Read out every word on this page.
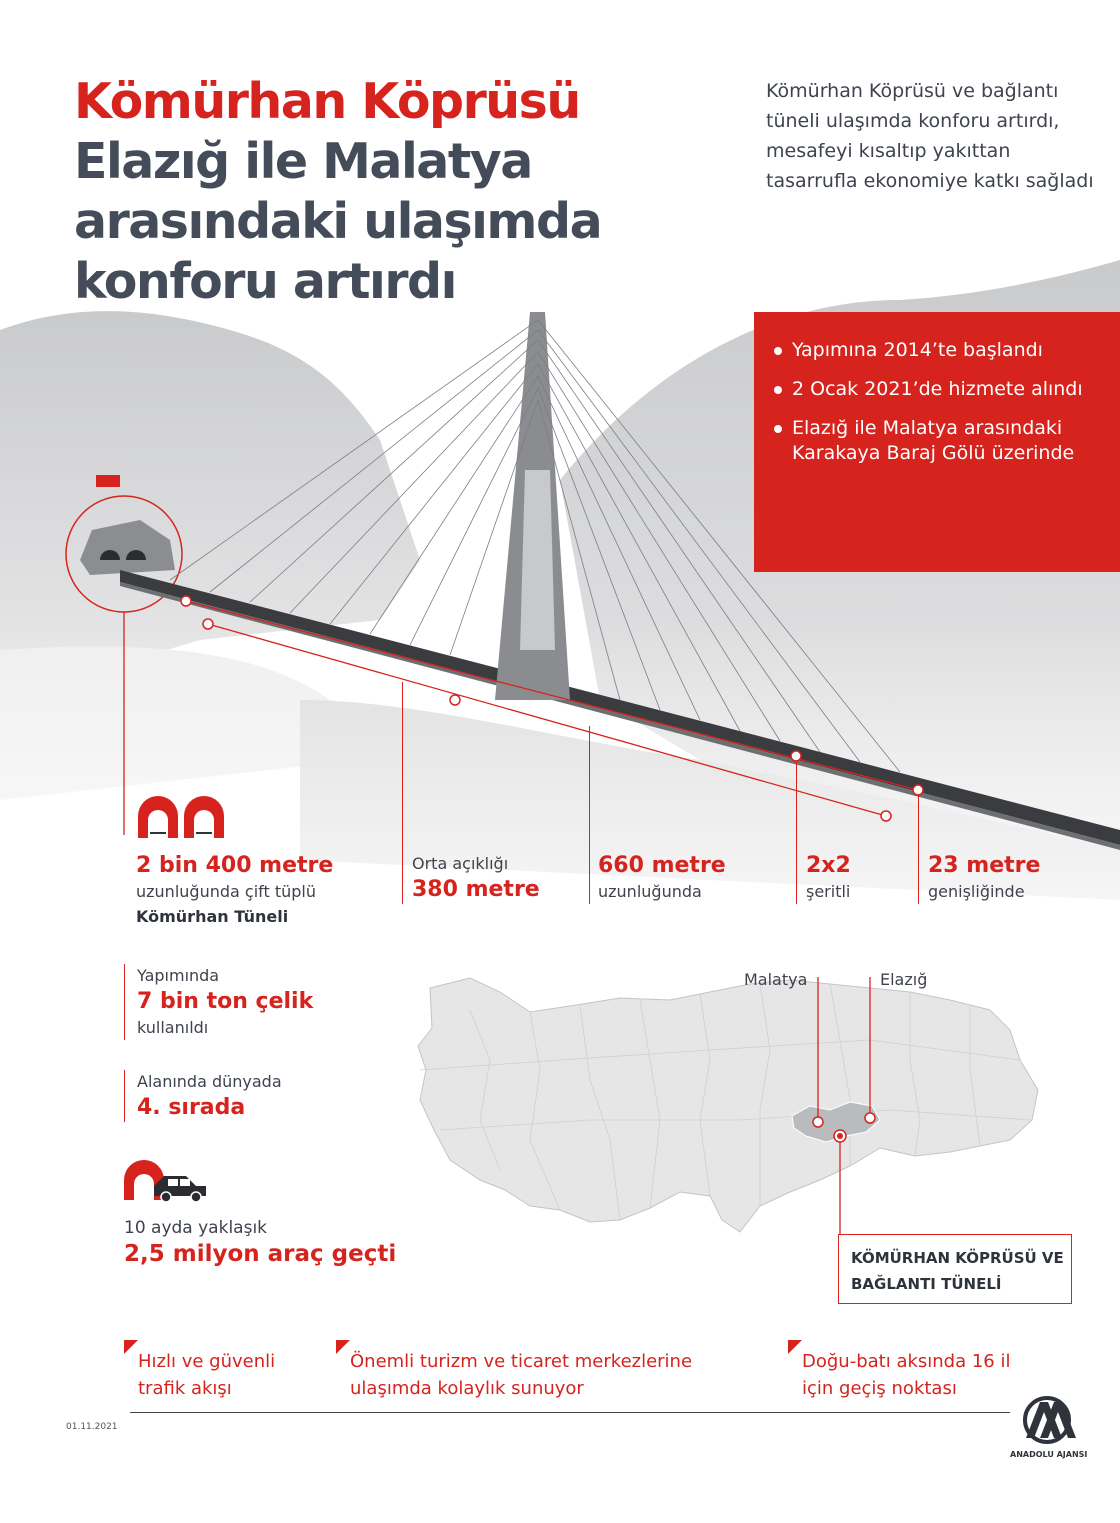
Kömürhan Köprüsü
Elazığ ile Malatya
arasındaki ulaşımda
konforu artırdı

Kömürhan Köprüsü ve bağlantı tüneli ulaşımda konforu artırdı, mesafeyi kısaltıp yakıttan tasarrufla ekonomiye katkı sağladı

Yapımına 2014’te başlandı
2 Ocak 2021’de hizmete alındı
Elazığ ile Malatya arasındaki Karakaya Baraj Gölü üzerinde
2 bin 400 metre
uzunluğunda çift tüplü
Kömürhan Tüneli
Orta açıklığı
380 metre
660 metre
uzunluğunda
2x2
şeritli
23 metre
genişliğinde
Yapımında
7 bin ton çelik
kullanıldı
Alanında dünyada
4. sırada
10 ayda yaklaşık
2,5 milyon araç geçti
Malatya	Elazığ
KÖMÜRHAN KÖPRÜSÜ VE
BAĞLANTI TÜNELİ
Hızlı ve güvenli
trafik akışı
Önemli turizm ve ticaret merkezlerine
ulaşımda kolaylık sunuyor
Doğu-batı aksında 16 il
için geçiş noktası
01.11.2021
ANADOLU AJANSI
